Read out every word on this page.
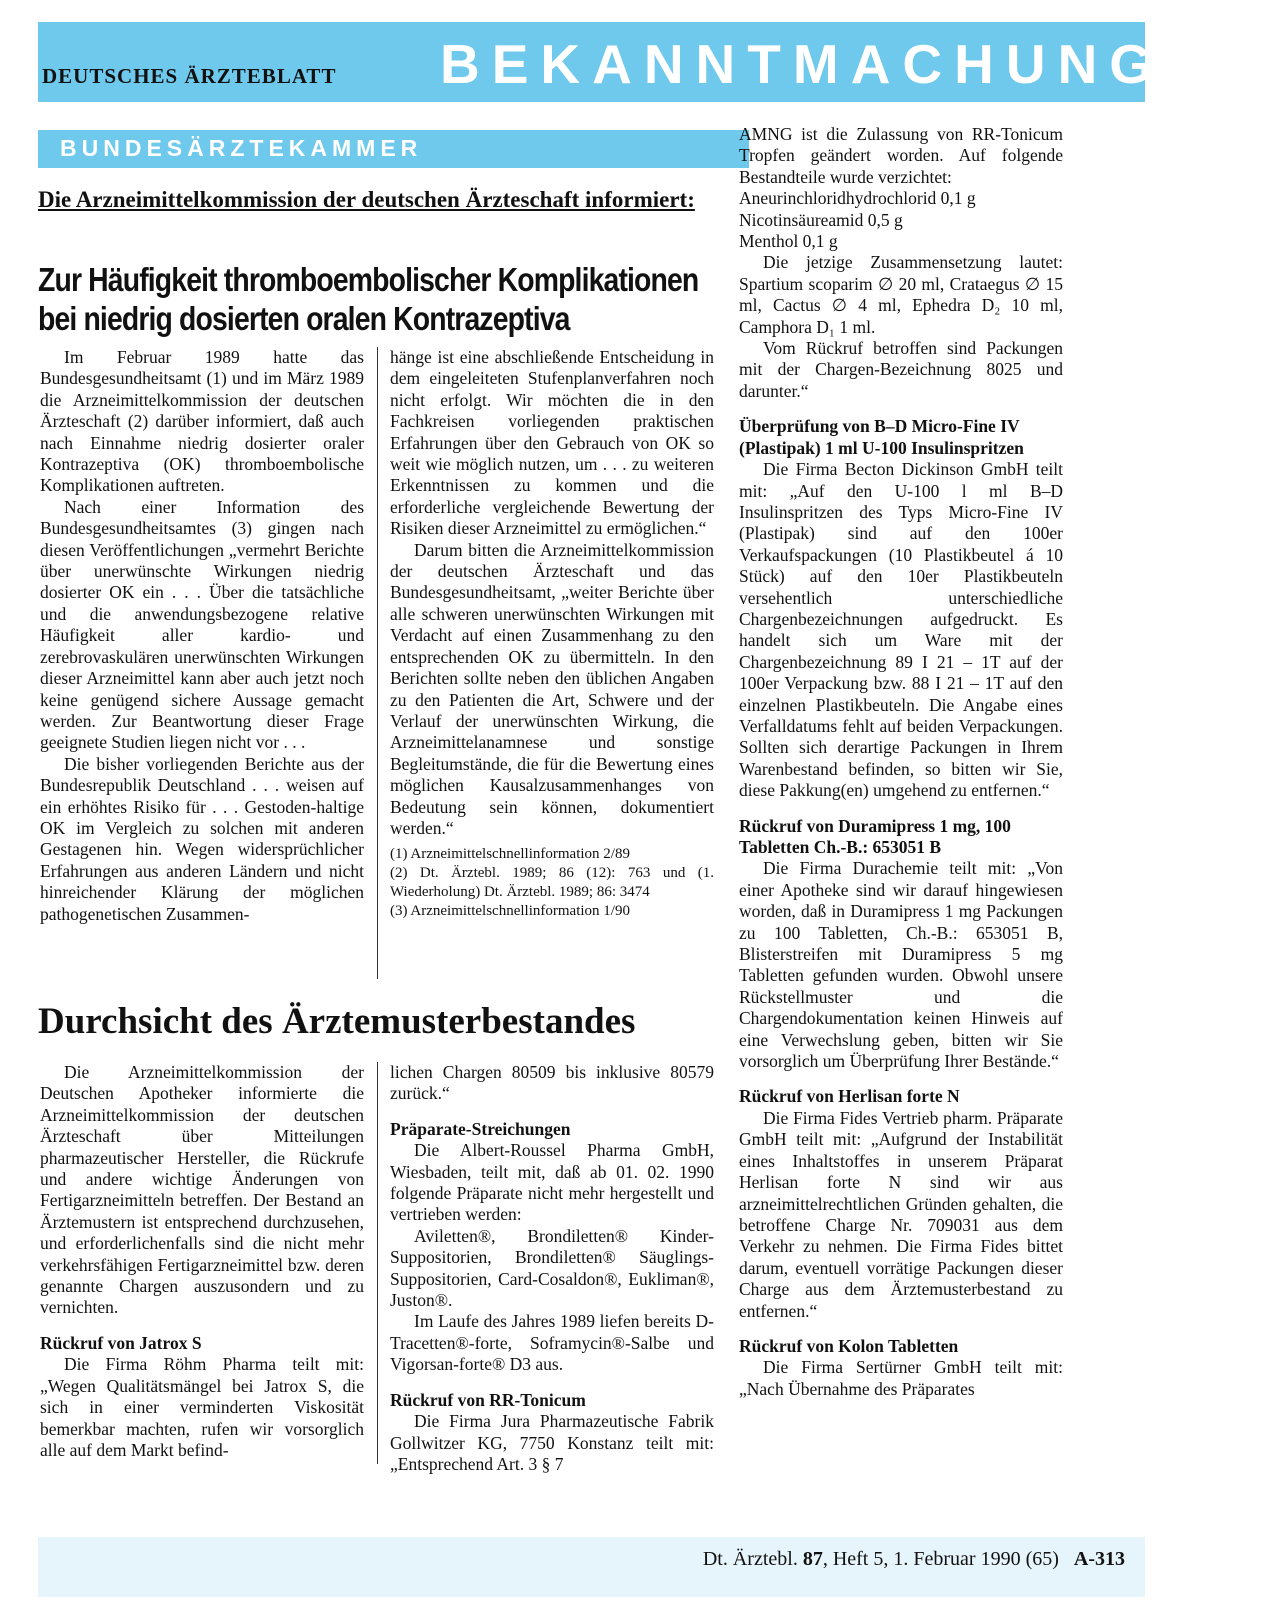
DEUTSCHES ÄRZTEBLATT BEKANNTMACHUNGEN
BUNDESÄRZTEKAMMER
Die Arzneimittelkommission der deutschen Ärzteschaft informiert:
Zur Häufigkeit thromboembolischer Komplikationen
bei niedrig dosierten oralen Kontrazeptiva

Im Februar 1989 hatte das Bundesgesundheitsamt (1) und im März 1989 die Arzneimittelkommission der deutschen Ärzteschaft (2) darüber informiert, daß auch nach Einnahme niedrig dosierter oraler Kontrazeptiva (OK) thromboembolische Komplikationen auftreten.

Nach einer Information des Bundesgesundheitsamtes (3) gingen nach diesen Veröffentlichungen „vermehrt Berichte über unerwünschte Wirkungen niedrig dosierter OK ein . . . Über die tatsächliche und die anwendungsbezogene relative Häufigkeit aller kardio- und zerebrovaskulären unerwünschten Wirkungen dieser Arzneimittel kann aber auch jetzt noch keine genügend sichere Aussage gemacht werden. Zur Beantwortung dieser Frage geeignete Studien liegen nicht vor . . .

Die bisher vorliegenden Berichte aus der Bundesrepublik Deutschland . . . weisen auf ein erhöhtes Risiko für . . . Gestoden-haltige OK im Vergleich zu solchen mit anderen Gestagenen hin. Wegen widersprüchlicher Erfahrungen aus anderen Ländern und nicht hinreichender Klärung der möglichen pathogenetischen Zusammen-

hänge ist eine abschließende Entscheidung in dem eingeleiteten Stufenplanverfahren noch nicht erfolgt. Wir möchten die in den Fachkreisen vorliegenden praktischen Erfahrungen über den Gebrauch von OK so weit wie möglich nutzen, um . . . zu weiteren Erkenntnissen zu kommen und die erforderliche vergleichende Bewertung der Risiken dieser Arzneimittel zu ermöglichen.“

Darum bitten die Arzneimittelkommission der deutschen Ärzteschaft und das Bundesgesundheitsamt, „weiter Berichte über alle schweren unerwünschten Wirkungen mit Verdacht auf einen Zusammenhang zu den entsprechenden OK zu übermitteln. In den Berichten sollte neben den üblichen Angaben zu den Patienten die Art, Schwere und der Verlauf der unerwünschten Wirkung, die Arzneimittelanamnese und sonstige Begleitumstände, die für die Bewertung eines möglichen Kausalzusammenhanges von Bedeutung sein können, dokumentiert werden.“

(1) Arzneimittelschnellinformation 2/89
(2) Dt. Ärztebl. 1989; 86 (12): 763 und (1. Wiederholung) Dt. Ärztebl. 1989; 86: 3474
(3) Arzneimittelschnellinformation 1/90
Durchsicht des Ärztemusterbestandes

Die Arzneimittelkommission der Deutschen Apotheker informierte die Arzneimittelkommission der deutschen Ärzteschaft über Mitteilungen pharmazeutischer Hersteller, die Rückrufe und andere wichtige Änderungen von Fertigarzneimitteln betreffen. Der Bestand an Ärztemustern ist entsprechend durchzusehen, und erforderlichenfalls sind die nicht mehr verkehrsfähigen Fertigarzneimittel bzw. deren genannte Chargen auszusondern und zu vernichten.

Rückruf von Jatrox S

Die Firma Röhm Pharma teilt mit: „Wegen Qualitätsmängel bei Jatrox S, die sich in einer verminderten Viskosität bemerkbar machten, rufen wir vorsorglich alle auf dem Markt befind-

lichen Chargen 80509 bis inklusive 80579 zurück.“

Präparate-Streichungen

Die Albert-Roussel Pharma GmbH, Wiesbaden, teilt mit, daß ab 01. 02. 1990 folgende Präparate nicht mehr hergestellt und vertrieben werden:

Aviletten®, Brondiletten® Kinder-Suppositorien, Brondiletten® Säuglings-Suppositorien, Card-Cosaldon®, Eukliman®, Juston®.

Im Laufe des Jahres 1989 liefen bereits D-Tracetten®-forte, Soframycin®-Salbe und Vigorsan-forte® D3 aus.

Rückruf von RR-Tonicum

Die Firma Jura Pharmazeutische Fabrik Gollwitzer KG, 7750 Konstanz teilt mit: „Entsprechend Art. 3 § 7

AMNG ist die Zulassung von RR-Tonicum Tropfen geändert worden. Auf folgende Bestandteile wurde verzichtet:

Aneurinchloridhydrochlorid 0,1 g

Nicotinsäureamid 0,5 g

Menthol 0,1 g

Die jetzige Zusammensetzung lautet: Spartium scoparim ∅ 20 ml, Crataegus ∅ 15 ml, Cactus ∅ 4 ml, Ephedra D₂ 10 ml, Camphora D₁ 1 ml.

Vom Rückruf betroffen sind Packungen mit der Chargen-Bezeichnung 8025 und darunter.“

Überprüfung von B–D Micro-Fine IV (Plastipak) 1 ml U-100 Insulinspritzen

Die Firma Becton Dickinson GmbH teilt mit: „Auf den U-100 l ml B–D Insulinspritzen des Typs Micro-Fine IV (Plastipak) sind auf den 100er Verkaufspackungen (10 Plastikbeutel á 10 Stück) auf den 10er Plastikbeuteln versehentlich unterschiedliche Chargenbezeichnungen aufgedruckt. Es handelt sich um Ware mit der Chargenbezeichnung 89 I 21 – 1T auf der 100er Verpackung bzw. 88 I 21 – 1T auf den einzelnen Plastikbeuteln. Die Angabe eines Verfalldatums fehlt auf beiden Verpackungen. Sollten sich derartige Packungen in Ihrem Warenbestand befinden, so bitten wir Sie, diese Pakkung(en) umgehend zu entfernen.“

Rückruf von Duramipress 1 mg, 100 Tabletten Ch.-B.: 653051 B

Die Firma Durachemie teilt mit: „Von einer Apotheke sind wir darauf hingewiesen worden, daß in Duramipress 1 mg Packungen zu 100 Tabletten, Ch.-B.: 653051 B, Blisterstreifen mit Duramipress 5 mg Tabletten gefunden wurden. Obwohl unsere Rückstellmuster und die Chargendokumentation keinen Hinweis auf eine Verwechslung geben, bitten wir Sie vorsorglich um Überprüfung Ihrer Bestände.“

Rückruf von Herlisan forte N

Die Firma Fides Vertrieb pharm. Präparate GmbH teilt mit: „Aufgrund der Instabilität eines Inhaltstoffes in unserem Präparat Herlisan forte N sind wir aus arzneimittelrechtlichen Gründen gehalten, die betroffene Charge Nr. 709031 aus dem Verkehr zu nehmen. Die Firma Fides bittet darum, eventuell vorrätige Packungen dieser Charge aus dem Ärztemusterbestand zu entfernen.“

Rückruf von Kolon Tabletten

Die Firma Sertürner GmbH teilt mit: „Nach Übernahme des Präparates

Dt. Ärztebl. 87, Heft 5, 1. Februar 1990 (65) A-313
